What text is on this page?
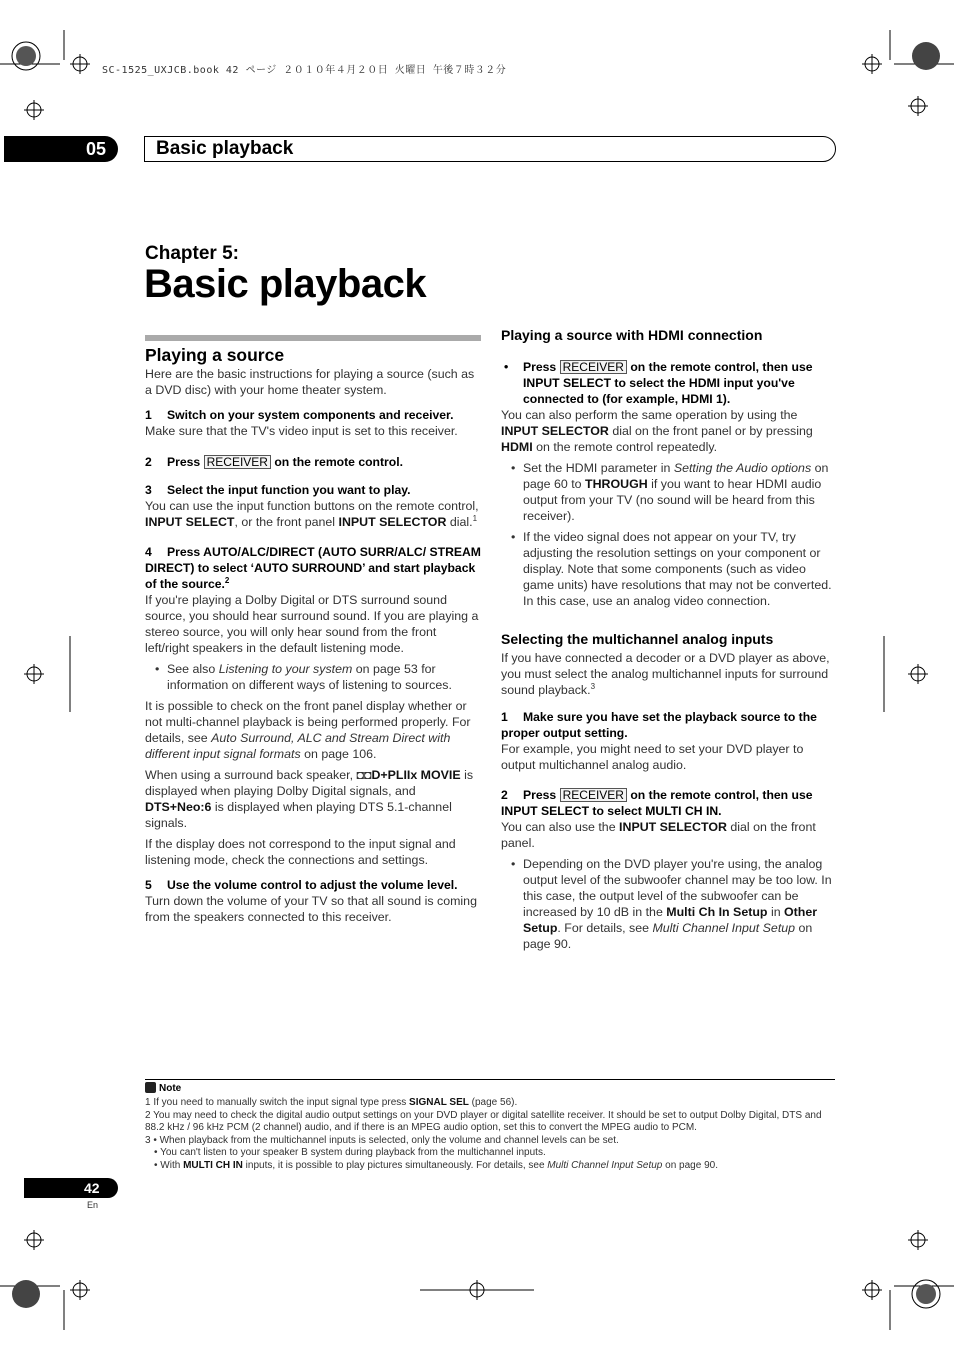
SC-1525_UXJCB.book 42 ページ ２０１０年４月２０日 火曜日 午後７時３２分
05	Basic playback
Chapter 5:
Basic playback
Playing a source

Here are the basic instructions for playing a source (such as a DVD disc) with your home theater system.

1 Switch on your system components and receiver.

Make sure that the TV's video input is set to this receiver.

2 Press RECEIVER on the remote control.

3 Select the input function you want to play.

You can use the input function buttons on the remote control, INPUT SELECT, or the front panel INPUT SELECTOR dial.$^1$

4 Press AUTO/ALC/DIRECT (AUTO SURR/ALC/ STREAM DIRECT) to select ‘AUTO SURROUND’ and start playback of the source.$^2$

If you're playing a Dolby Digital or DTS surround sound source, you should hear surround sound. If you are playing a stereo source, you will only hear sound from the front left/right speakers in the default listening mode.

• See also Listening to your system on page 53 for information on different ways of listening to sources.

It is possible to check on the front panel display whether or not multi-channel playback is being performed properly. For details, see Auto Surround, ALC and Stream Direct with different input signal formats on page 106.

When using a surround back speaker, ◘◘D+PLIIx MOVIE is displayed when playing Dolby Digital signals, and DTS+Neo:6 is displayed when playing DTS 5.1-channel signals.

If the display does not correspond to the input signal and listening mode, check the connections and settings.

5 Use the volume control to adjust the volume level.

Turn down the volume of your TV so that all sound is coming from the speakers connected to this receiver.

Playing a source with HDMI connection

• Press RECEIVER on the remote control, then use INPUT SELECT to select the HDMI input you've connected to (for example, HDMI 1).

You can also perform the same operation by using the INPUT SELECTOR dial on the front panel or by pressing HDMI on the remote control repeatedly.

• Set the HDMI parameter in Setting the Audio options on page 60 to THROUGH if you want to hear HDMI audio output from your TV (no sound will be heard from this receiver).

• If the video signal does not appear on your TV, try adjusting the resolution settings on your component or display. Note that some components (such as video game units) have resolutions that may not be converted. In this case, use an analog video connection.

Selecting the multichannel analog inputs

If you have connected a decoder or a DVD player as above, you must select the analog multichannel inputs for surround sound playback.$^3$

1 Make sure you have set the playback source to the proper output setting.

For example, you might need to set your DVD player to output multichannel analog audio.

2 Press RECEIVER on the remote control, then use INPUT SELECT to select MULTI CH IN.

You can also use the INPUT SELECTOR dial on the front panel.

• Depending on the DVD player you're using, the analog output level of the subwoofer channel may be too low. In this case, the output level of the subwoofer can be increased by 10 dB in the Multi Ch In Setup in Other Setup. For details, see Multi Channel Input Setup on page 90.

Note

1 If you need to manually switch the input signal type press SIGNAL SEL (page 56).

2 You may need to check the digital audio output settings on your DVD player or digital satellite receiver. It should be set to output Dolby Digital, DTS and 88.2 kHz / 96 kHz PCM (2 channel) audio, and if there is an MPEG audio option, set this to convert the MPEG audio to PCM.

3 • When playback from the multichannel inputs is selected, only the volume and channel levels can be set.

• You can't listen to your speaker B system during playback from the multichannel inputs.

• With MULTI CH IN inputs, it is possible to play pictures simultaneously. For details, see Multi Channel Input Setup on page 90.

42
En
